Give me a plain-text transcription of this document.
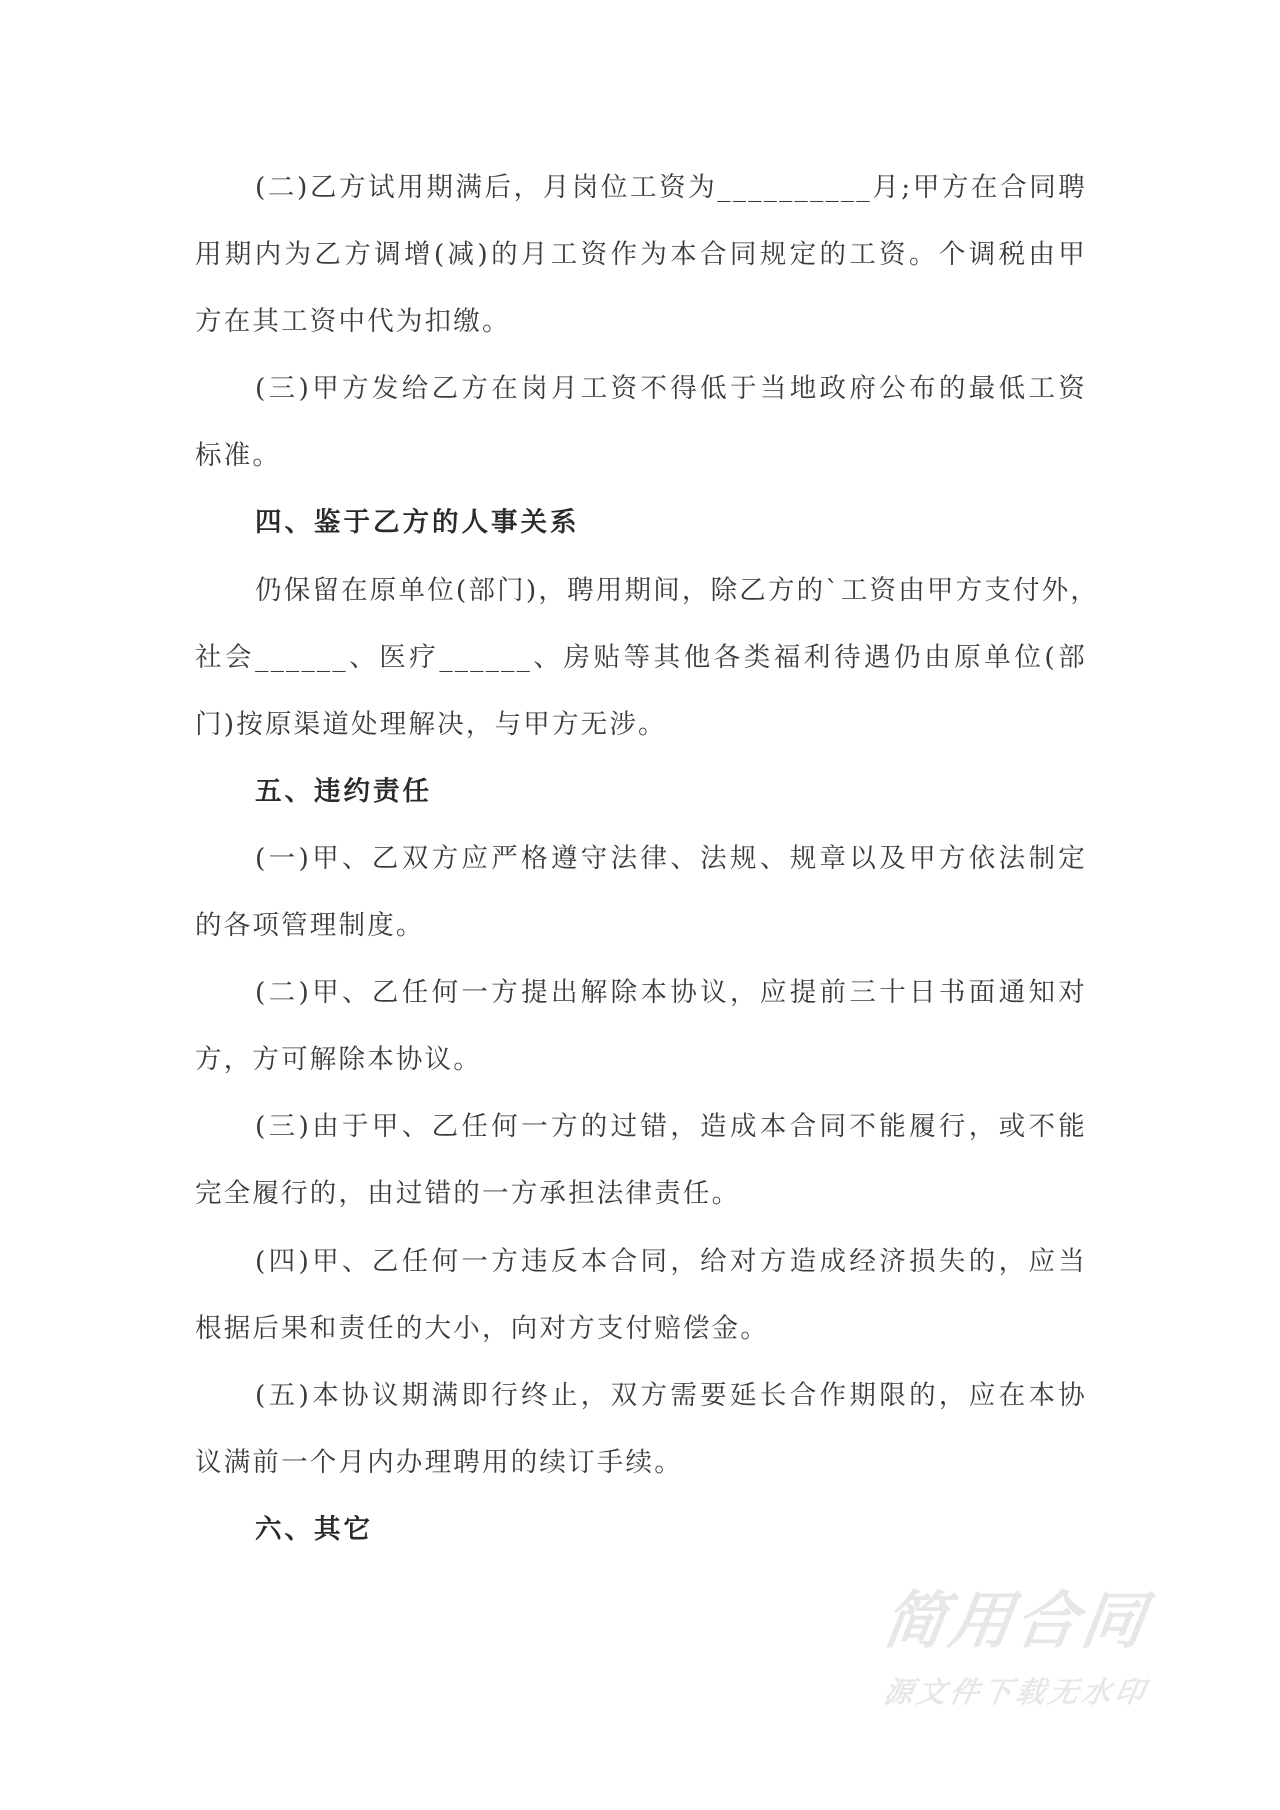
(二)乙方试用期满后，月岗位工资为__________月;甲方在合同聘
用期内为乙方调增(减)的月工资作为本合同规定的工资。个调税由甲
方在其工资中代为扣缴。
(三)甲方发给乙方在岗月工资不得低于当地政府公布的最低工资
标准。
四、鉴于乙方的人事关系
仍保留在原单位(部门)，聘用期间，除乙方的`工资由甲方支付外，
社会______、医疗______、房贴等其他各类福利待遇仍由原单位(部
门)按原渠道处理解决，与甲方无涉。
五、违约责任
(一)甲、乙双方应严格遵守法律、法规、规章以及甲方依法制定
的各项管理制度。
(二)甲、乙任何一方提出解除本协议，应提前三十日书面通知对
方，方可解除本协议。
(三)由于甲、乙任何一方的过错，造成本合同不能履行，或不能
完全履行的，由过错的一方承担法律责任。
(四)甲、乙任何一方违反本合同，给对方造成经济损失的，应当
根据后果和责任的大小，向对方支付赔偿金。
(五)本协议期满即行终止，双方需要延长合作期限的，应在本协
议满前一个月内办理聘用的续订手续。
六、其它
简用合同
源文件下载无水印
